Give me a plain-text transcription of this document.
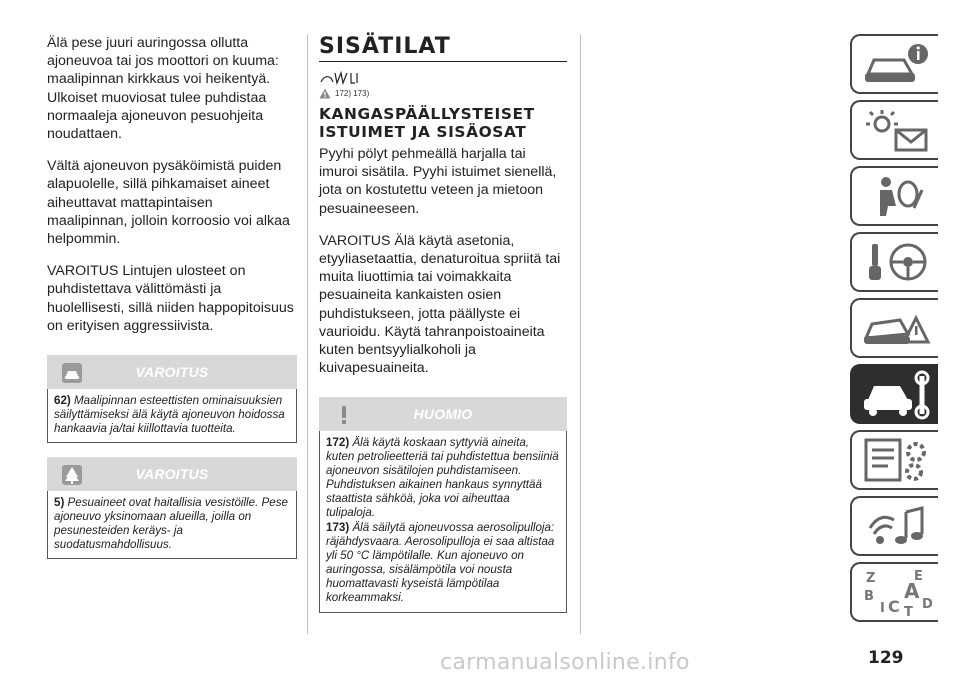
Älä pese juuri auringossa ollutta ajoneuvoa tai jos moottori on kuuma: maalipinnan kirkkaus voi heikentyä. Ulkoiset muoviosat tulee puhdistaa normaaleja ajoneuvon pesuohjeita noudattaen.

Vältä ajoneuvon pysäköimistä puiden alapuolelle, sillä pihkamaiset aineet aiheuttavat mattapintaisen maalipinnan, jolloin korroosio voi alkaa helpommin.

VAROITUS Lintujen ulosteet on puhdistettava välittömästi ja huolellisesti, sillä niiden happopitoisuus on erityisen aggressiivista.

VAROITUS
62) Maalipinnan esteettisten ominaisuuksien säilyttämiseksi älä käytä ajoneuvon hoidossa hankaavia ja/tai kiillottavia tuotteita.
VAROITUS
5) Pesuaineet ovat haitallisia vesistöille. Pese ajoneuvo yksinomaan alueilla, joilla on pesunesteiden keräys- ja suodatusmahdollisuus.
SISÄTILAT
172) 173)
KANGASPÄÄLLYSTEISET
ISTUIMET JA SISÄOSAT

Pyyhi pölyt pehmeällä harjalla tai imuroi sisätila. Pyyhi istuimet sienellä, jota on kostutettu veteen ja mietoon pesuaineeseen.

VAROITUS Älä käytä asetonia, etyyliasetaattia, denaturoitua spriitä tai muita liuottimia tai voimakkaita pesuaineita kankaisten osien puhdistukseen, jotta päällyste ei vaurioidu. Käytä tahranpoistoaineita kuten bentsyylialkoholi ja kuivapesuaineita.

HUOMIO
172) Älä käytä koskaan syttyviä aineita, kuten petrolieetteriä tai puhdistettua bensiiniä ajoneuvon sisätilojen puhdistamiseen. Puhdistuksen aikainen hankaus synnyttää staattista sähköä, joka voi aiheuttaa tulipaloja.
173) Älä säilytä ajoneuvossa aerosolipulloja: räjähdysvaara. Aerosolipulloja ei saa altistaa yli 50 °C lämpötilalle. Kun ajoneuvo on auringossa, sisälämpötila voi nousta huomattavasti kyseistä lämpötilaa korkeammaksi.
Z	E
B A
D
I C T
carmanualsonline.info	129
